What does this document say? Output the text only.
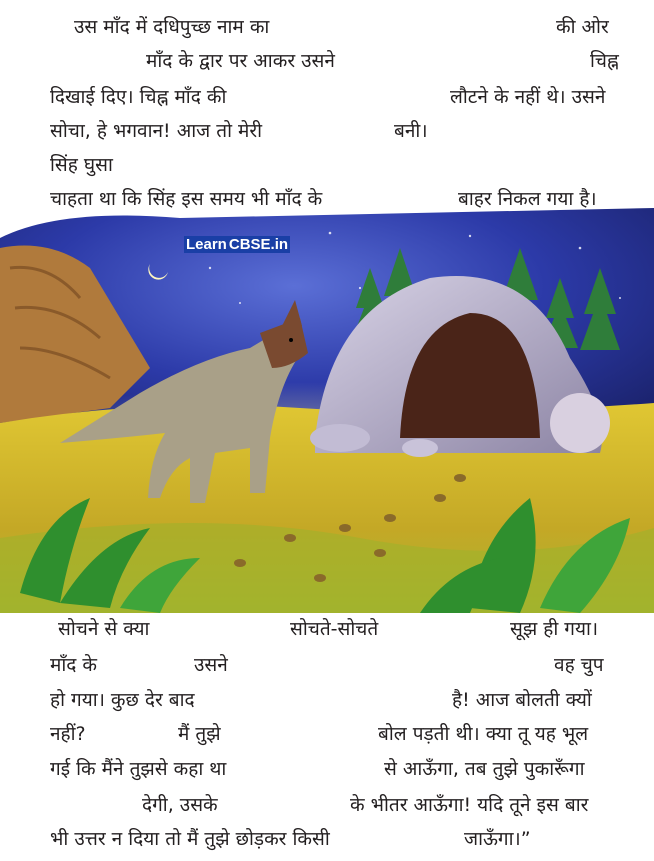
उस माँद में दधिपुच्छ नाम का	की ओर
माँद के द्वार पर आकर उसने	चिह्न
दिखाई दिए। चिह्न माँद की	लौटने के नहीं थे। उसने
सोचा, हे भगवान! आज तो मेरी	बनी।
सिंह घुसा
चाहता था कि सिंह इस समय भी माँद के	बाहर निकल गया है।
Learn CBSE.in
सोचने से क्या	सोचते-सोचते	सूझ ही गया।
माँद के	उसने	वह चुप
हो गया। कुछ देर बाद	है! आज बोलती क्यों
नहीं?	मैं तुझे	बोल पड़ती थी। क्या तू यह भूल
गई कि मैंने तुझसे कहा था	से आऊँगा, तब तुझे पुकारूँगा
देगी, उसके	के भीतर आऊँगा! यदि तूने इस बार
भी उत्तर न दिया तो मैं तुझे छोड़कर किसी	जाऊँगा।”
